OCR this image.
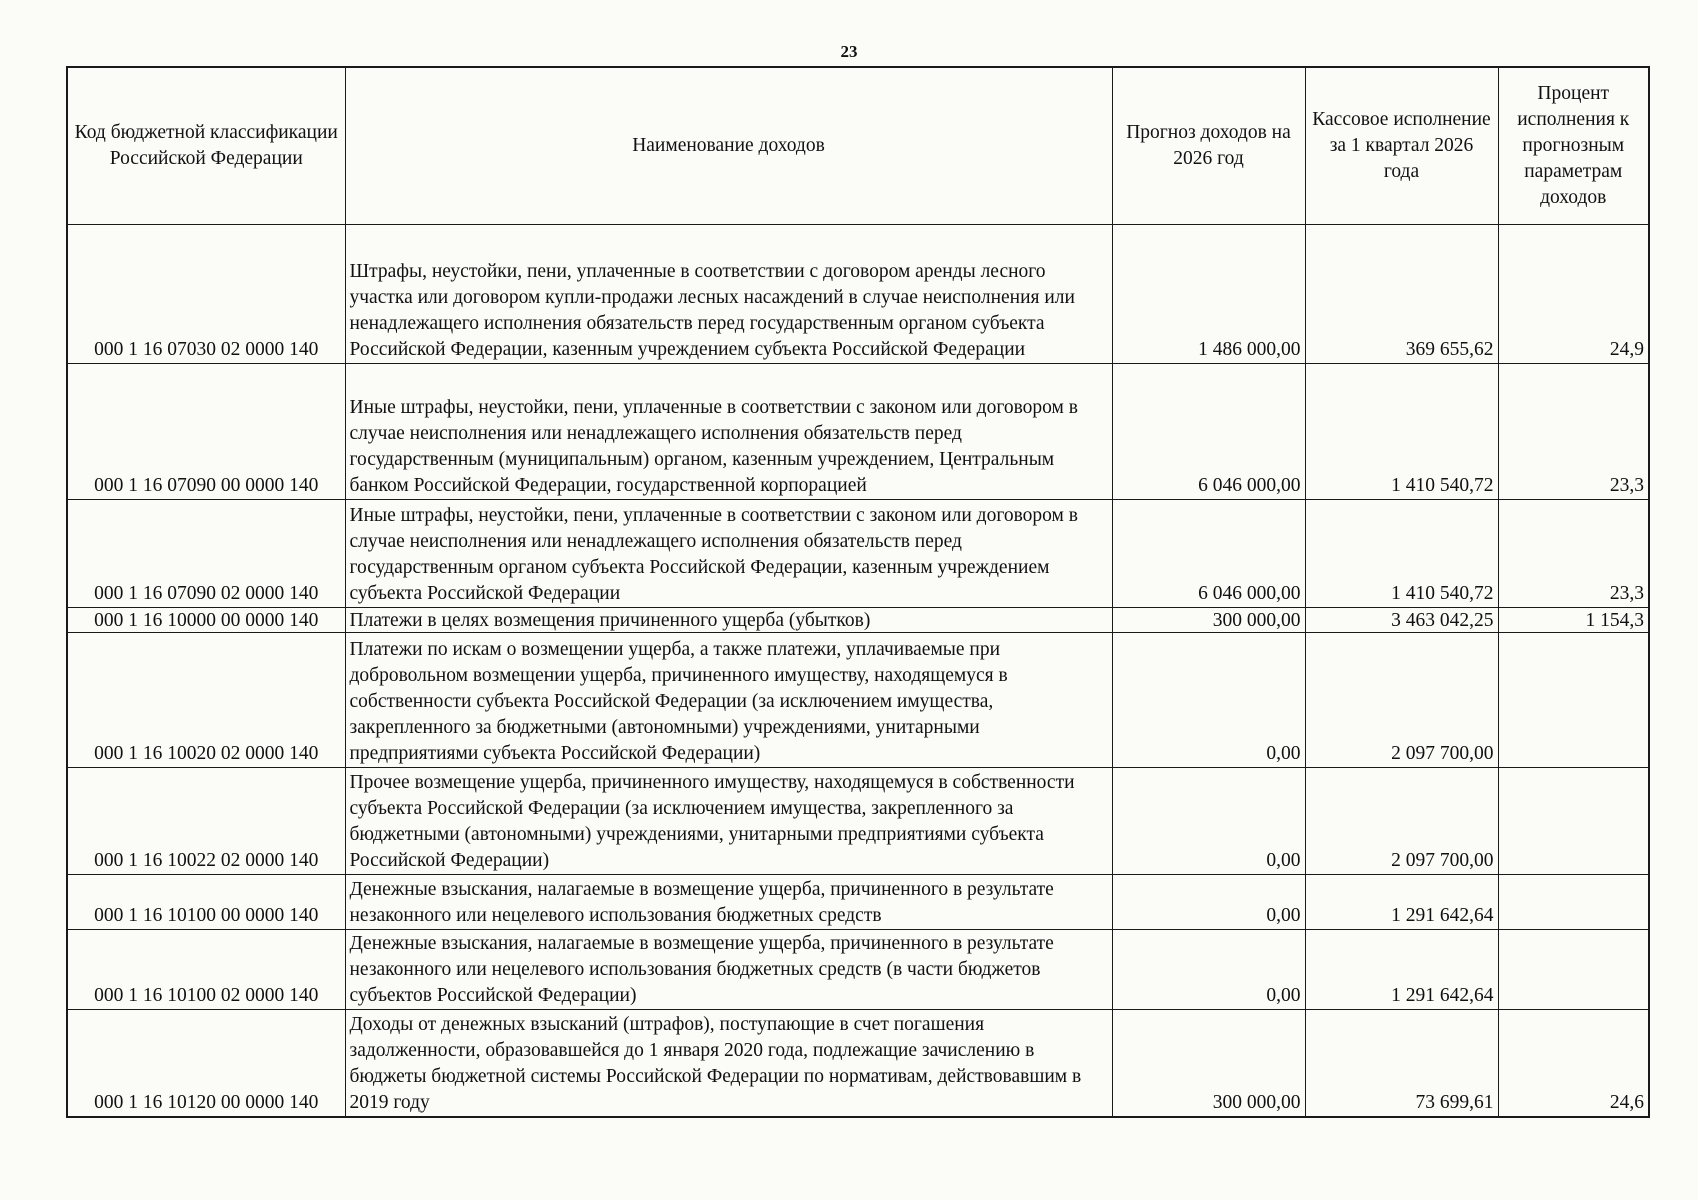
23
Код бюджетной классификации Российской Федерации	Наименование доходов	Прогноз доходов на 2026 год	Кассовое исполнение за 1 квартал 2026 года	Процент исполнения к прогнозным параметрам доходов
000 1 16 07030 02 0000 140	Штрафы, неустойки, пени, уплаченные в соответствии с договором аренды лесного участка или договором купли-продажи лесных насаждений в случае неисполнения или ненадлежащего исполнения обязательств перед государственным органом субъекта Российской Федерации, казенным учреждением субъекта Российской Федерации	1 486 000,00	369 655,62	24,9
000 1 16 07090 00 0000 140	Иные штрафы, неустойки, пени, уплаченные в соответствии с законом или договором в случае неисполнения или ненадлежащего исполнения обязательств перед государственным (муниципальным) органом, казенным учреждением, Центральным банком Российской Федерации, государственной корпорацией	6 046 000,00	1 410 540,72	23,3
000 1 16 07090 02 0000 140	Иные штрафы, неустойки, пени, уплаченные в соответствии с законом или договором в случае неисполнения или ненадлежащего исполнения обязательств перед государственным органом субъекта Российской Федерации, казенным учреждением субъекта Российской Федерации	6 046 000,00	1 410 540,72	23,3
000 1 16 10000 00 0000 140	Платежи в целях возмещения причиненного ущерба (убытков)	300 000,00	3 463 042,25	1 154,3
000 1 16 10020 02 0000 140	Платежи по искам о возмещении ущерба, а также платежи, уплачиваемые при добровольном возмещении ущерба, причиненного имуществу, находящемуся в собственности субъекта Российской Федерации (за исключением имущества, закрепленного за бюджетными (автономными) учреждениями, унитарными предприятиями субъекта Российской Федерации)	0,00	2 097 700,00	
000 1 16 10022 02 0000 140	Прочее возмещение ущерба, причиненного имуществу, находящемуся в собственности субъекта Российской Федерации (за исключением имущества, закрепленного за бюджетными (автономными) учреждениями, унитарными предприятиями субъекта Российской Федерации)	0,00	2 097 700,00	
000 1 16 10100 00 0000 140	Денежные взыскания, налагаемые в возмещение ущерба, причиненного в результате незаконного или нецелевого использования бюджетных средств	0,00	1 291 642,64	
000 1 16 10100 02 0000 140	Денежные взыскания, налагаемые в возмещение ущерба, причиненного в результате незаконного или нецелевого использования бюджетных средств (в части бюджетов субъектов Российской Федерации)	0,00	1 291 642,64	
000 1 16 10120 00 0000 140	Доходы от денежных взысканий (штрафов), поступающие в счет погашения задолженности, образовавшейся до 1 января 2020 года, подлежащие зачислению в бюджеты бюджетной системы Российской Федерации по нормативам, действовавшим в 2019 году	300 000,00	73 699,61	24,6
